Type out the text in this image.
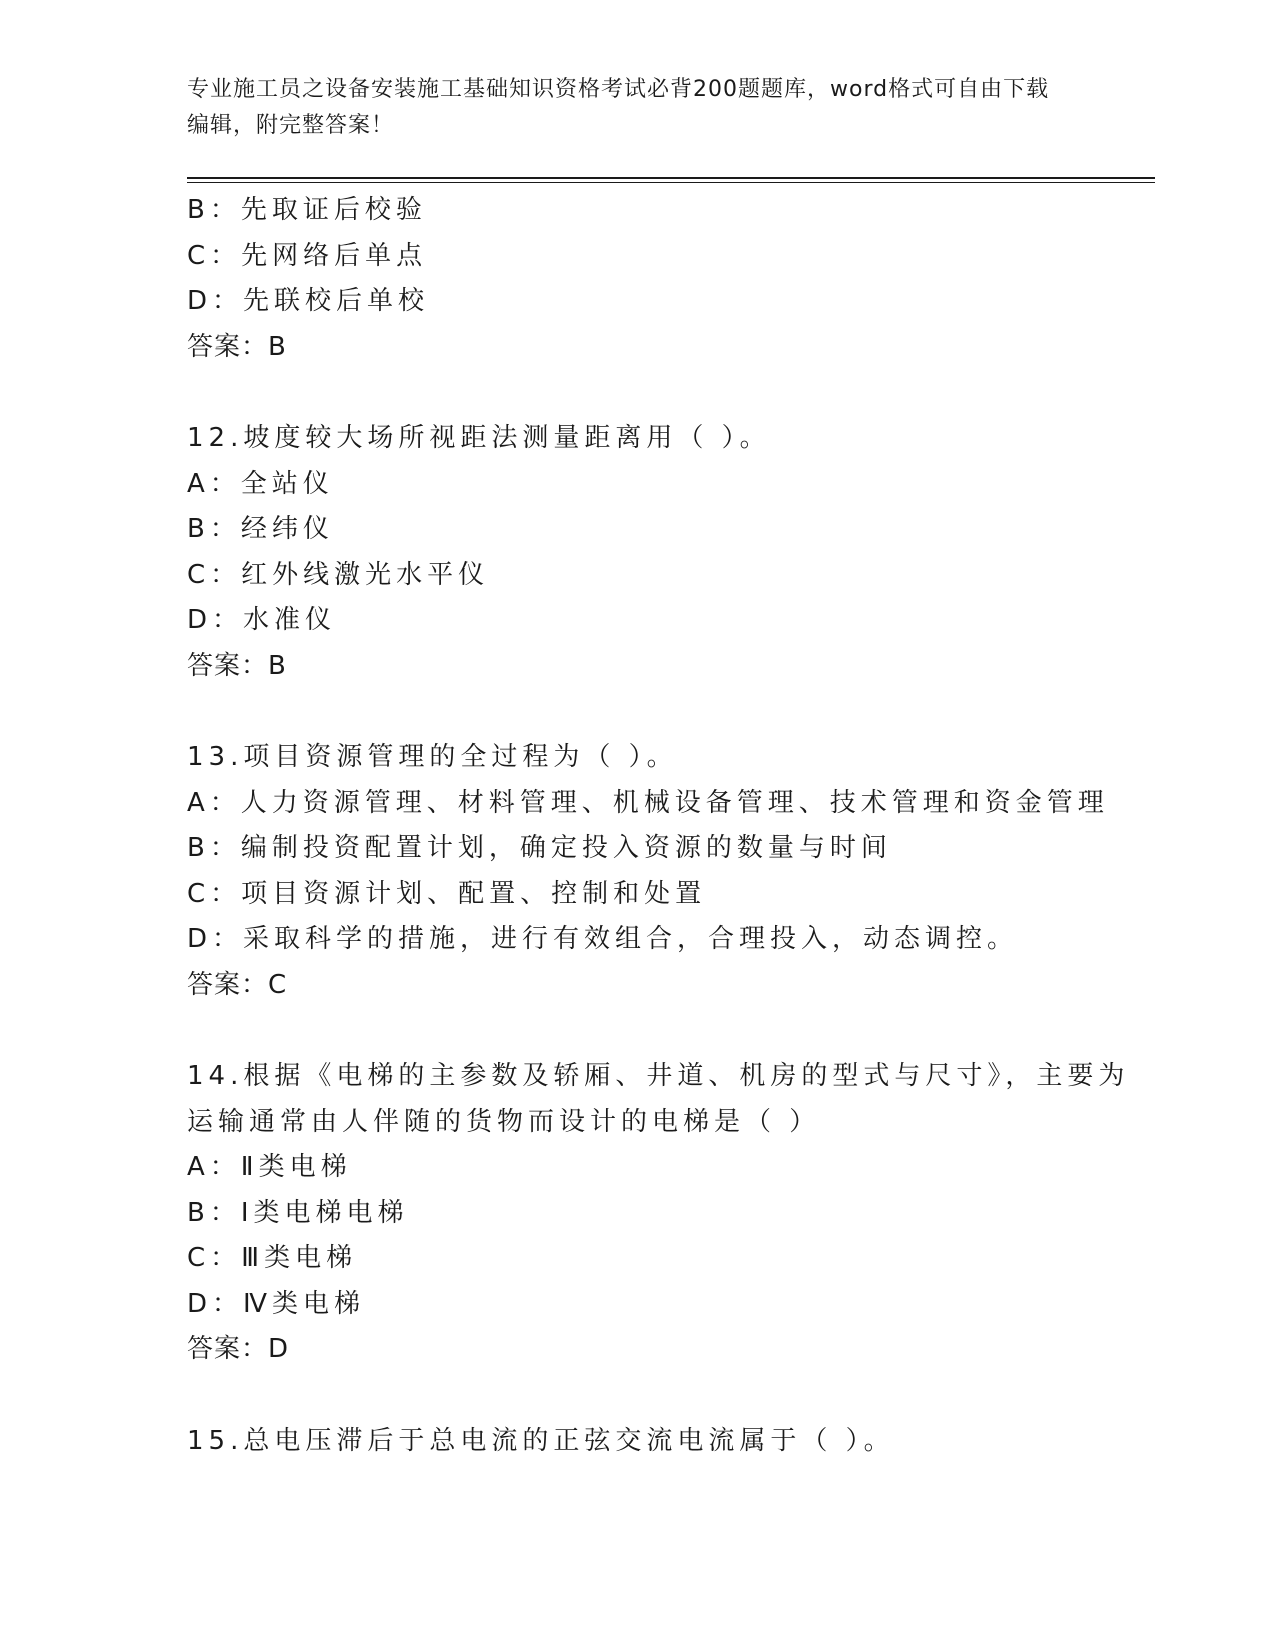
专业施工员之设备安装施工基础知识资格考试必背200题题库，word格式可自由下载编辑，附完整答案！
B：先取证后校验
C：先网络后单点
D：先联校后单校
答案：B
12.坡度较大场所视距法测量距离用（ ）。
A：全站仪
B：经纬仪
C：红外线激光水平仪
D：水准仪
答案：B
13.项目资源管理的全过程为（ ）。
A：人力资源管理、材料管理、机械设备管理、技术管理和资金管理
B：编制投资配置计划，确定投入资源的数量与时间
C：项目资源计划、配置、控制和处置
D：采取科学的措施，进行有效组合，合理投入，动态调控。
答案：C
14.根据《电梯的主参数及轿厢、井道、机房的型式与尺寸》，主要为
运输通常由人伴随的货物而设计的电梯是（ ）
A：Ⅱ类电梯
B：Ⅰ类电梯电梯
C：Ⅲ类电梯
D：Ⅳ类电梯
答案：D
15.总电压滞后于总电流的正弦交流电流属于（ ）。
